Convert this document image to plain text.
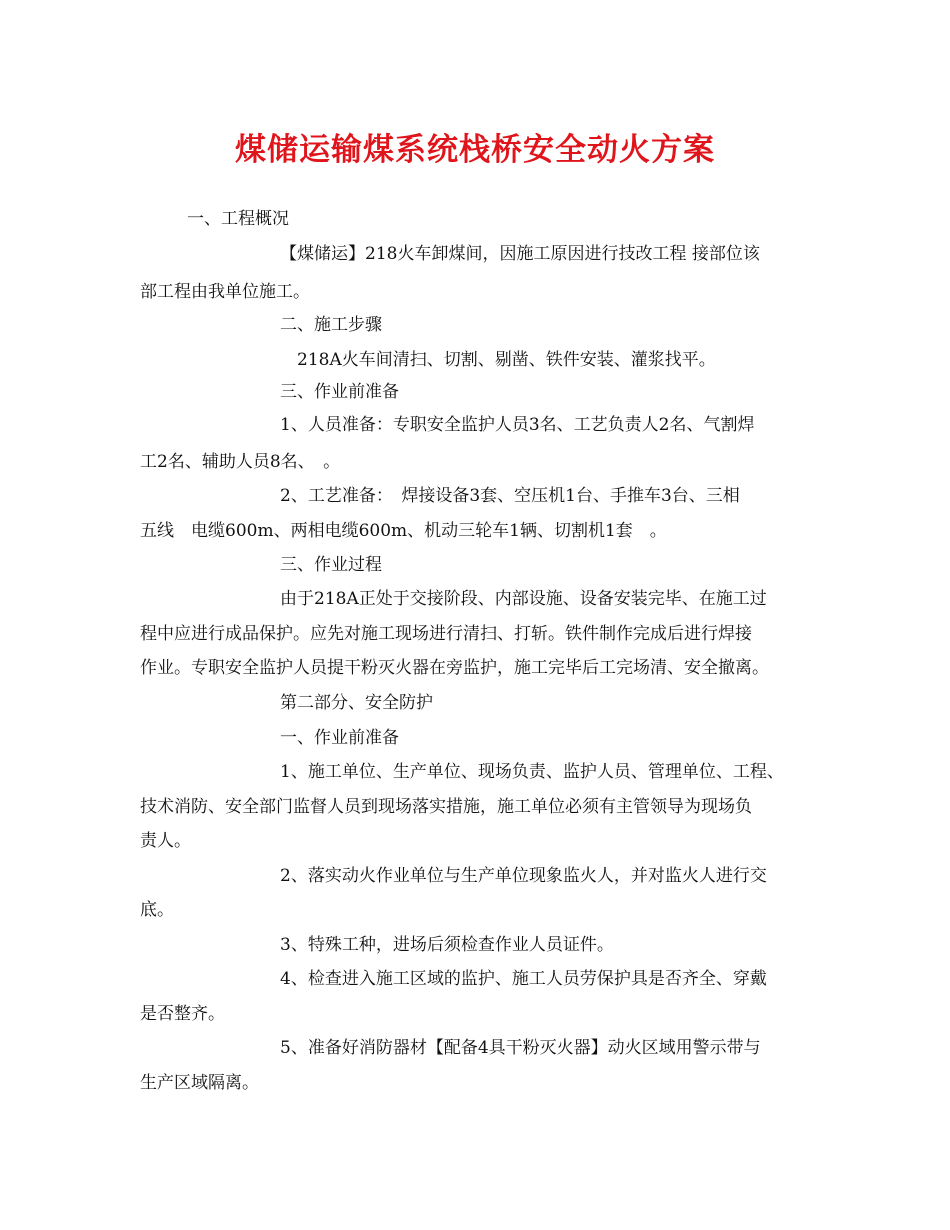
煤储运输煤系统栈桥安全动火方案
一、工程概况
【煤储运】218火车卸煤间，因施工原因进行技改工程 接部位该
部工程由我单位施工。
二、施工步骤
218A火车间清扫、切割、剔凿、铁件安装、灌浆找平。
三、作业前准备
1、人员准备：专职安全监护人员3名、工艺负责人2名、气割焊
工2名、辅助人员8名、　。
2、工艺准备：　焊接设备3套、空压机1台、手推车3台、三相
五线　电缆600m、两相电缆600m、机动三轮车1辆、切割机1套　。
三、作业过程
由于218A正处于交接阶段、内部设施、设备安装完毕、在施工过
程中应进行成品保护。应先对施工现场进行清扫、打斩。铁件制作完成后进行焊接
作业。专职安全监护人员提干粉灭火器在旁监护，施工完毕后工完场清、安全撤离。
第二部分、安全防护
一、作业前准备
1、施工单位、生产单位、现场负责、监护人员、管理单位、工程、
技术消防、安全部门监督人员到现场落实措施，施工单位必须有主管领导为现场负
责人。
2、落实动火作业单位与生产单位现象监火人，并对监火人进行交
底。
3、特殊工种，进场后须检查作业人员证件。
4、检查进入施工区域的监护、施工人员劳保护具是否齐全、穿戴
是否整齐。
5、准备好消防器材【配备4具干粉灭火器】动火区域用警示带与
生产区域隔离。
